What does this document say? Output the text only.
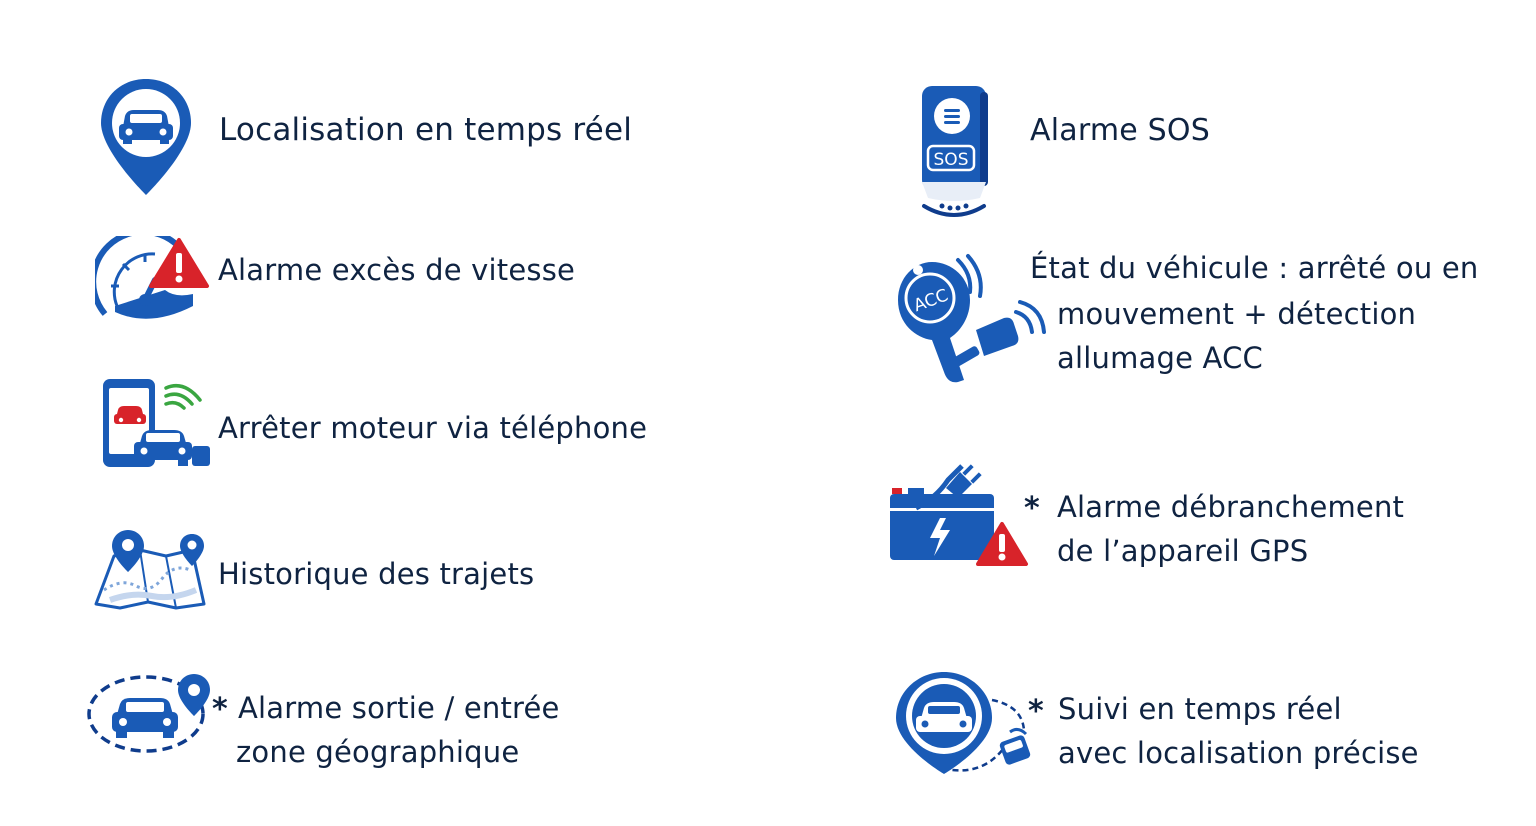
Localisation en temps réel
Alarme excès de vitesse
Arrêter moteur via téléphone
Historique des trajets
* Alarme sortie / entrée
zone géographique
SOS
Alarme SOS
ACC
État du véhicule : arrêté ou en
mouvement + détection
allumage ACC
* Alarme débranchement
de l’appareil GPS
* Suivi en temps réel
avec localisation précise
